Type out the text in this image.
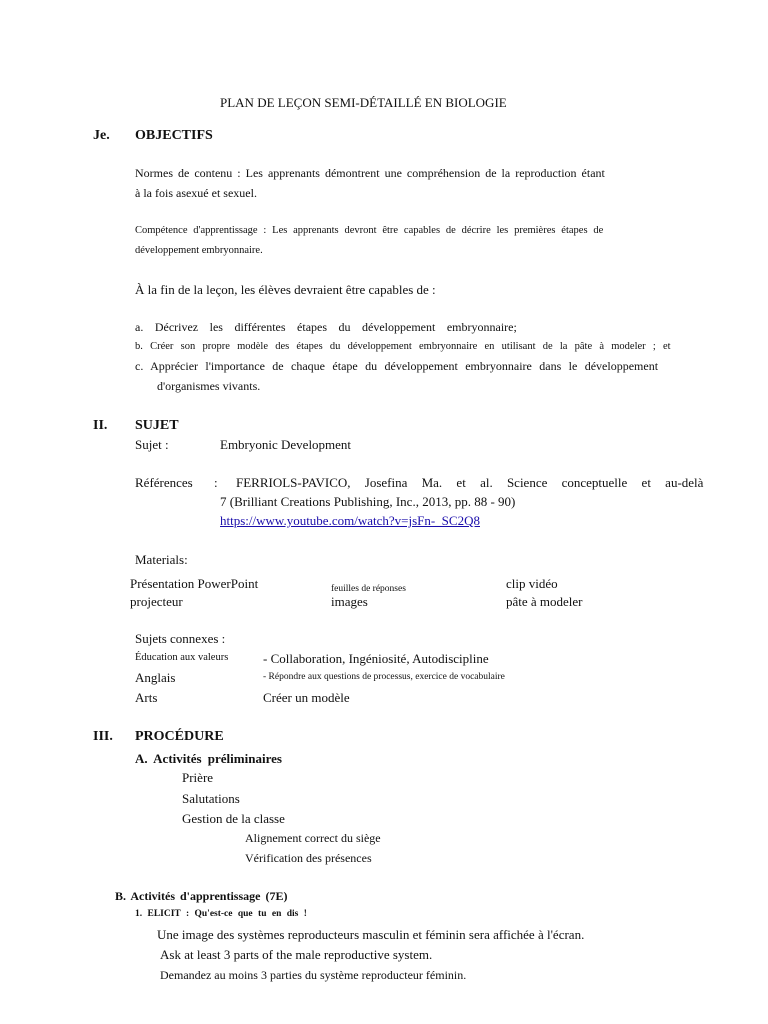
PLAN DE LEÇON SEMI-DÉTAILLÉ EN BIOLOGIE
Je. OBJECTIFS
Normes de contenu : Les apprenants démontrent une compréhension de la reproduction étant
à la fois asexué et sexuel.
Compétence d'apprentissage : Les apprenants devront être capables de décrire les premières étapes de
développement embryonnaire.
À la fin de la leçon, les élèves devraient être capables de :
a. Décrivez les différentes étapes du développement embryonnaire;
b. Créer son propre modèle des étapes du développement embryonnaire en utilisant de la pâte à modeler ; et
c. Apprécier l'importance de chaque étape du développement embryonnaire dans le développement
d'organismes vivants.
II. SUJET
Sujet :	Embryonic Development
Références : FERRIOLS-PAVICO, Josefina Ma. et al. Science conceptuelle et au-delà
7 (Brilliant Creations Publishing, Inc., 2013, pp. 88 - 90)
https://www.youtube.com/watch?v=jsFn-_SC2Q8
Materials:
Présentation PowerPoint	feuilles de réponses	clip vidéo
projecteur	images	pâte à modeler
Sujets connexes :
Éducation aux valeurs	- Collaboration, Ingéniosité, Autodiscipline
Anglais	- Répondre aux questions de processus, exercice de vocabulaire
Arts	Créer un modèle
III. PROCÉDURE
A. Activités préliminaires
Prière
Salutations
Gestion de la classe
Alignement correct du siège
Vérification des présences
B. Activités d'apprentissage (7E)
1. ELICIT : Qu'est-ce que tu en dis !
Une image des systèmes reproducteurs masculin et féminin sera affichée à l'écran.
Ask at least 3 parts of the male reproductive system.
Demandez au moins 3 parties du système reproducteur féminin.
